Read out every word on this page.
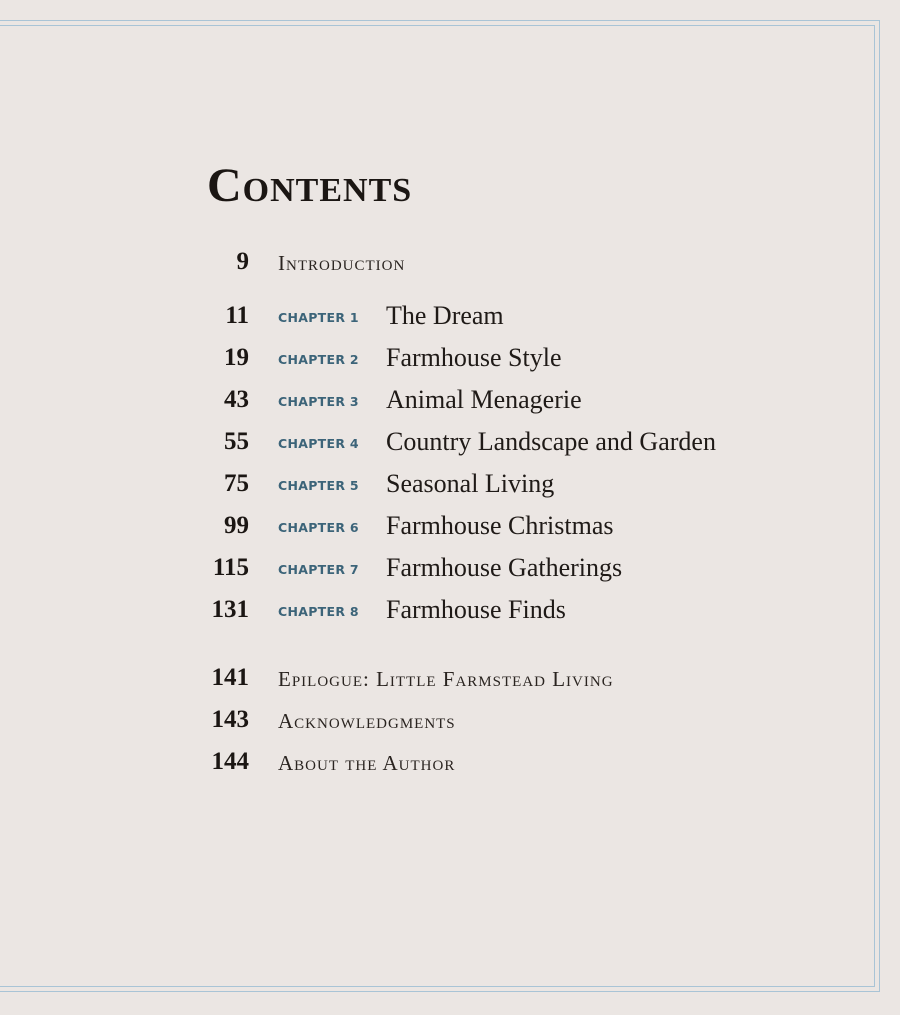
Contents
9 Introduction
11 CHAPTER 1 The Dream
19 CHAPTER 2 Farmhouse Style
43 CHAPTER 3 Animal Menagerie
55 CHAPTER 4 Country Landscape and Garden
75 CHAPTER 5 Seasonal Living
99 CHAPTER 6 Farmhouse Christmas
115 CHAPTER 7 Farmhouse Gatherings
131 CHAPTER 8 Farmhouse Finds
141 Epilogue: Little Farmstead Living
143 Acknowledgments
144 About the Author
